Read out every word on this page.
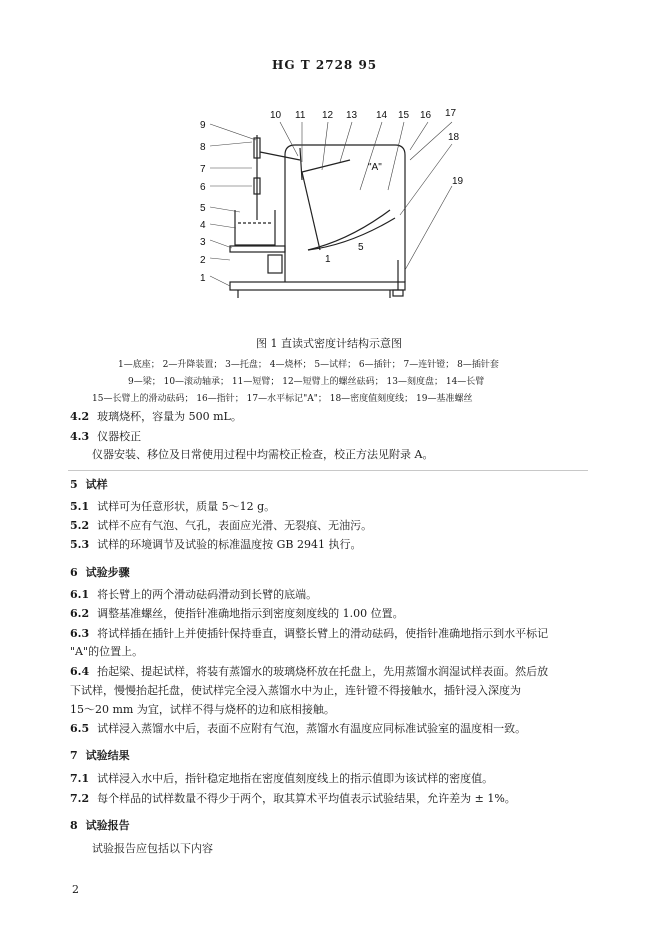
HG T 2728 95
1
2
3
4
5
6
7
8
9
10 11 12 13 14 15 16 17
18
19
"A"
1
5
图 1 直读式密度计结构示意图
1—底座； 2—升降装置； 3—托盘； 4—烧杯； 5—试样； 6—插针； 7—连针镫； 8—插针套
9—梁； 10—滚动轴承； 11—短臂； 12—短臂上的螺丝砝码； 13—刻度盘； 14—长臂
15—长臂上的滑动砝码； 16—指针； 17—水平标记"A"； 18—密度值刻度线； 19—基准螺丝
4.2 玻璃烧杯，容量为 500 mL。
4.3 仪器校正
仪器安装、移位及日常使用过程中均需校正检查，校正方法见附录 A。
5 试样
5.1 试样可为任意形状，质量 5～12 g。
5.2 试样不应有气泡、气孔，表面应光滑、无裂痕、无油污。
5.3 试样的环境调节及试验的标准温度按 GB 2941 执行。
6 试验步骤
6.1 将长臂上的两个滑动砝码滑动到长臂的底端。
6.2 调整基准螺丝，使指针准确地指示到密度刻度线的 1.00 位置。
6.3 将试样插在插针上并使插针保持垂直，调整长臂上的滑动砝码，使指针准确地指示到水平标记
"A"的位置上。
6.4 抬起梁、提起试样，将装有蒸馏水的玻璃烧杯放在托盘上，先用蒸馏水润湿试样表面。然后放
下试样，慢慢抬起托盘，使试样完全浸入蒸馏水中为止，连针镫不得接触水，插针浸入深度为
15～20 mm 为宜，试样不得与烧杯的边和底相接触。
6.5 试样浸入蒸馏水中后，表面不应附有气泡，蒸馏水有温度应同标准试验室的温度相一致。
7 试验结果
7.1 试样浸入水中后，指针稳定地指在密度值刻度线上的指示值即为该试样的密度值。
7.2 每个样品的试样数量不得少于两个，取其算术平均值表示试验结果，允许差为 ± 1%。
8 试验报告
试验报告应包括以下内容
2
